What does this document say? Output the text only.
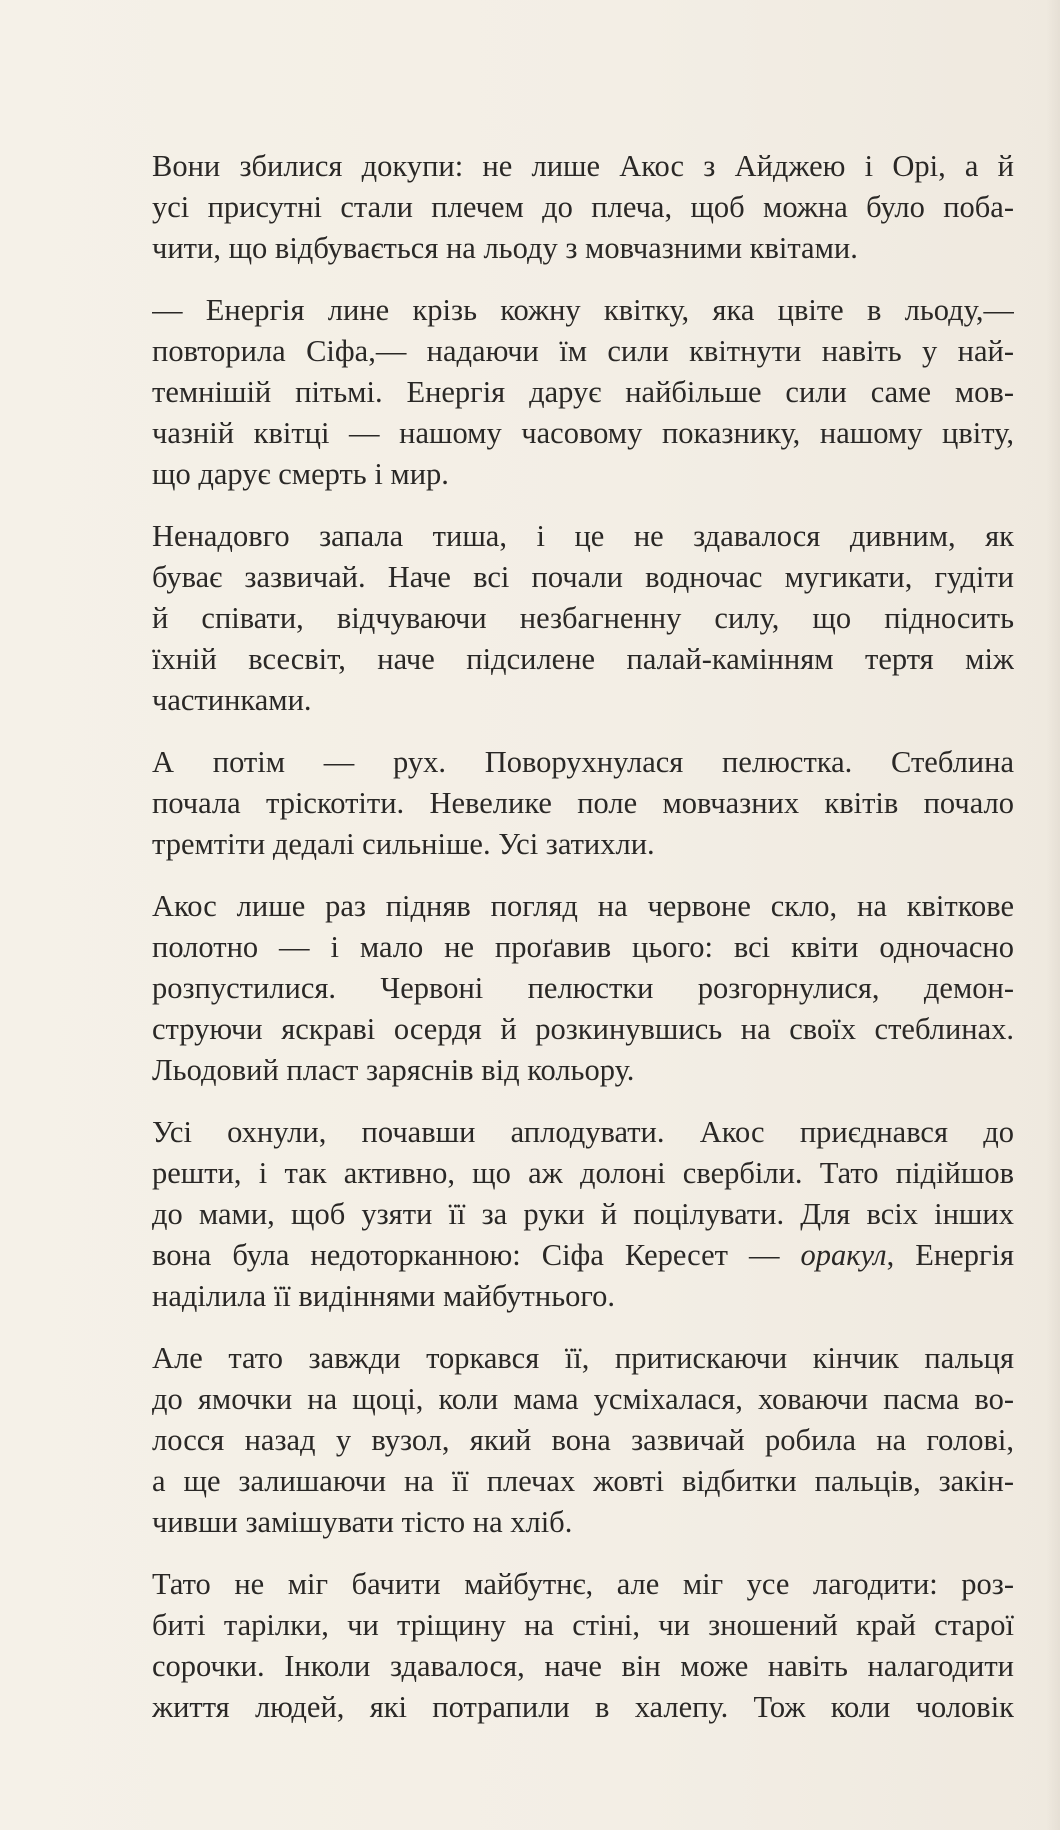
Вони збилися докупи: не лише Акос з Айджею і Орі, а й
усі присутні стали плечем до плеча, щоб можна було поба-
чити, що відбувається на льоду з мовчазними квітами.
— Енергія лине крізь кожну квітку, яка цвіте в льоду,—
повторила Сіфа,— надаючи їм сили квітнути навіть у най-
темнішій пітьмі. Енергія дарує найбільше сили саме мов-
чазній квітці — нашому часовому показнику, нашому цвіту,
що дарує смерть і мир.
Ненадовго запала тиша, і це не здавалося дивним, як
буває зазвичай. Наче всі почали водночас мугикати, гудіти
й співати, відчуваючи незбагненну силу, що підносить
їхній всесвіт, наче підсилене палай-камінням тертя між
частинками.
А потім — рух. Поворухнулася пелюстка. Стеблина
почала тріскотіти. Невелике поле мовчазних квітів почало
тремтіти дедалі сильніше. Усі затихли.
Акос лише раз підняв погляд на червоне скло, на квіткове
полотно — і мало не проґавив цього: всі квіти одночасно
розпустилися. Червоні пелюстки розгорнулися, демон-
струючи яскраві осердя й розкинувшись на своїх стеблинах.
Льодовий пласт заряснів від кольору.
Усі охнули, почавши аплодувати. Акос приєднався до
решти, і так активно, що аж долоні свербіли. Тато підійшов
до мами, щоб узяти її за руки й поцілувати. Для всіх інших
вона була недоторканною: Сіфа Кересет — оракул, Енергія
наділила її видіннями майбутнього.
Але тато завжди торкався її, притискаючи кінчик пальця
до ямочки на щоці, коли мама усміхалася, ховаючи пасма во-
лосся назад у вузол, який вона зазвичай робила на голові,
а ще залишаючи на її плечах жовті відбитки пальців, закін-
чивши замішувати тісто на хліб.
Тато не міг бачити майбутнє, але міг усе лагодити: роз-
биті тарілки, чи тріщину на стіні, чи зношений край старої
сорочки. Інколи здавалося, наче він може навіть налагодити
життя людей, які потрапили в халепу. Тож коли чоловік
